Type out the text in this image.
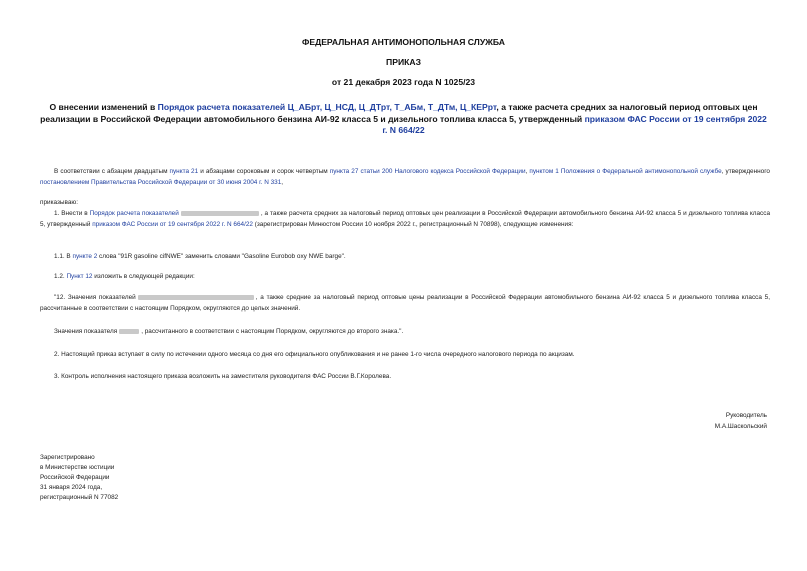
ФЕДЕРАЛЬНАЯ АНТИМОНОПОЛЬНАЯ СЛУЖБА
ПРИКАЗ
от 21 декабря 2023 года N 1025/23
О внесении изменений в Порядок расчета показателей Ц_АБрт, Ц_НСД, Ц_ДТрт, Т_АБм, Т_ДТм, Ц_КЕРрт, а также расчета средних за налоговый период оптовых цен реализации в Российской Федерации автомобильного бензина АИ-92 класса 5 и дизельного топлива класса 5, утвержденный приказом ФАС России от 19 сентября 2022 г. N 664/22
В соответствии с абзацем двадцатым пункта 21 и абзацами сороковым и сорок четвертым пункта 27 статьи 200 Налогового кодекса Российской Федерации, пунктом 1 Положения о Федеральной антимонопольной службе, утвержденного постановлением Правительства Российской Федерации от 30 июня 2004 г. N 331,
приказываю:
1. Внести в Порядок расчета показателей	, а также расчета средних за налоговый период оптовых цен реализации в Российской Федерации автомобильного бензина АИ-92 класса 5 и дизельного топлива класса 5, утвержденный приказом ФАС России от 19 сентября 2022 г. N 664/22 (зарегистрирован Минюстом России 10 ноября 2022 г., регистрационный N 70898), следующие изменения:
1.1. В пункте 2 слова "91R gasoline cifNWE" заменить словами "Gasoline Eurobob oxy NWE barge".
1.2. Пункт 12 изложить в следующей редакции:
"12. Значения показателей	, а также средние за налоговый период оптовые цены реализации в Российской Федерации автомобильного бензина АИ-92 класса 5 и дизельного топлива класса 5, рассчитанные в соответствии с настоящим Порядком, округляются до целых значений.
Значения показателя	, рассчитанного в соответствии с настоящим Порядком, округляются до второго знака.".
2. Настоящий приказ вступает в силу по истечении одного месяца со дня его официального опубликования и не ранее 1-го числа очередного налогового периода по акцизам.
3. Контроль исполнения настоящего приказа возложить на заместителя руководителя ФАС России В.Г.Королева.
Руководитель
М.А.Шаскольский
Зарегистрировано
в Министерстве юстиции
Российской Федерации
31 января 2024 года,
регистрационный N 77082
